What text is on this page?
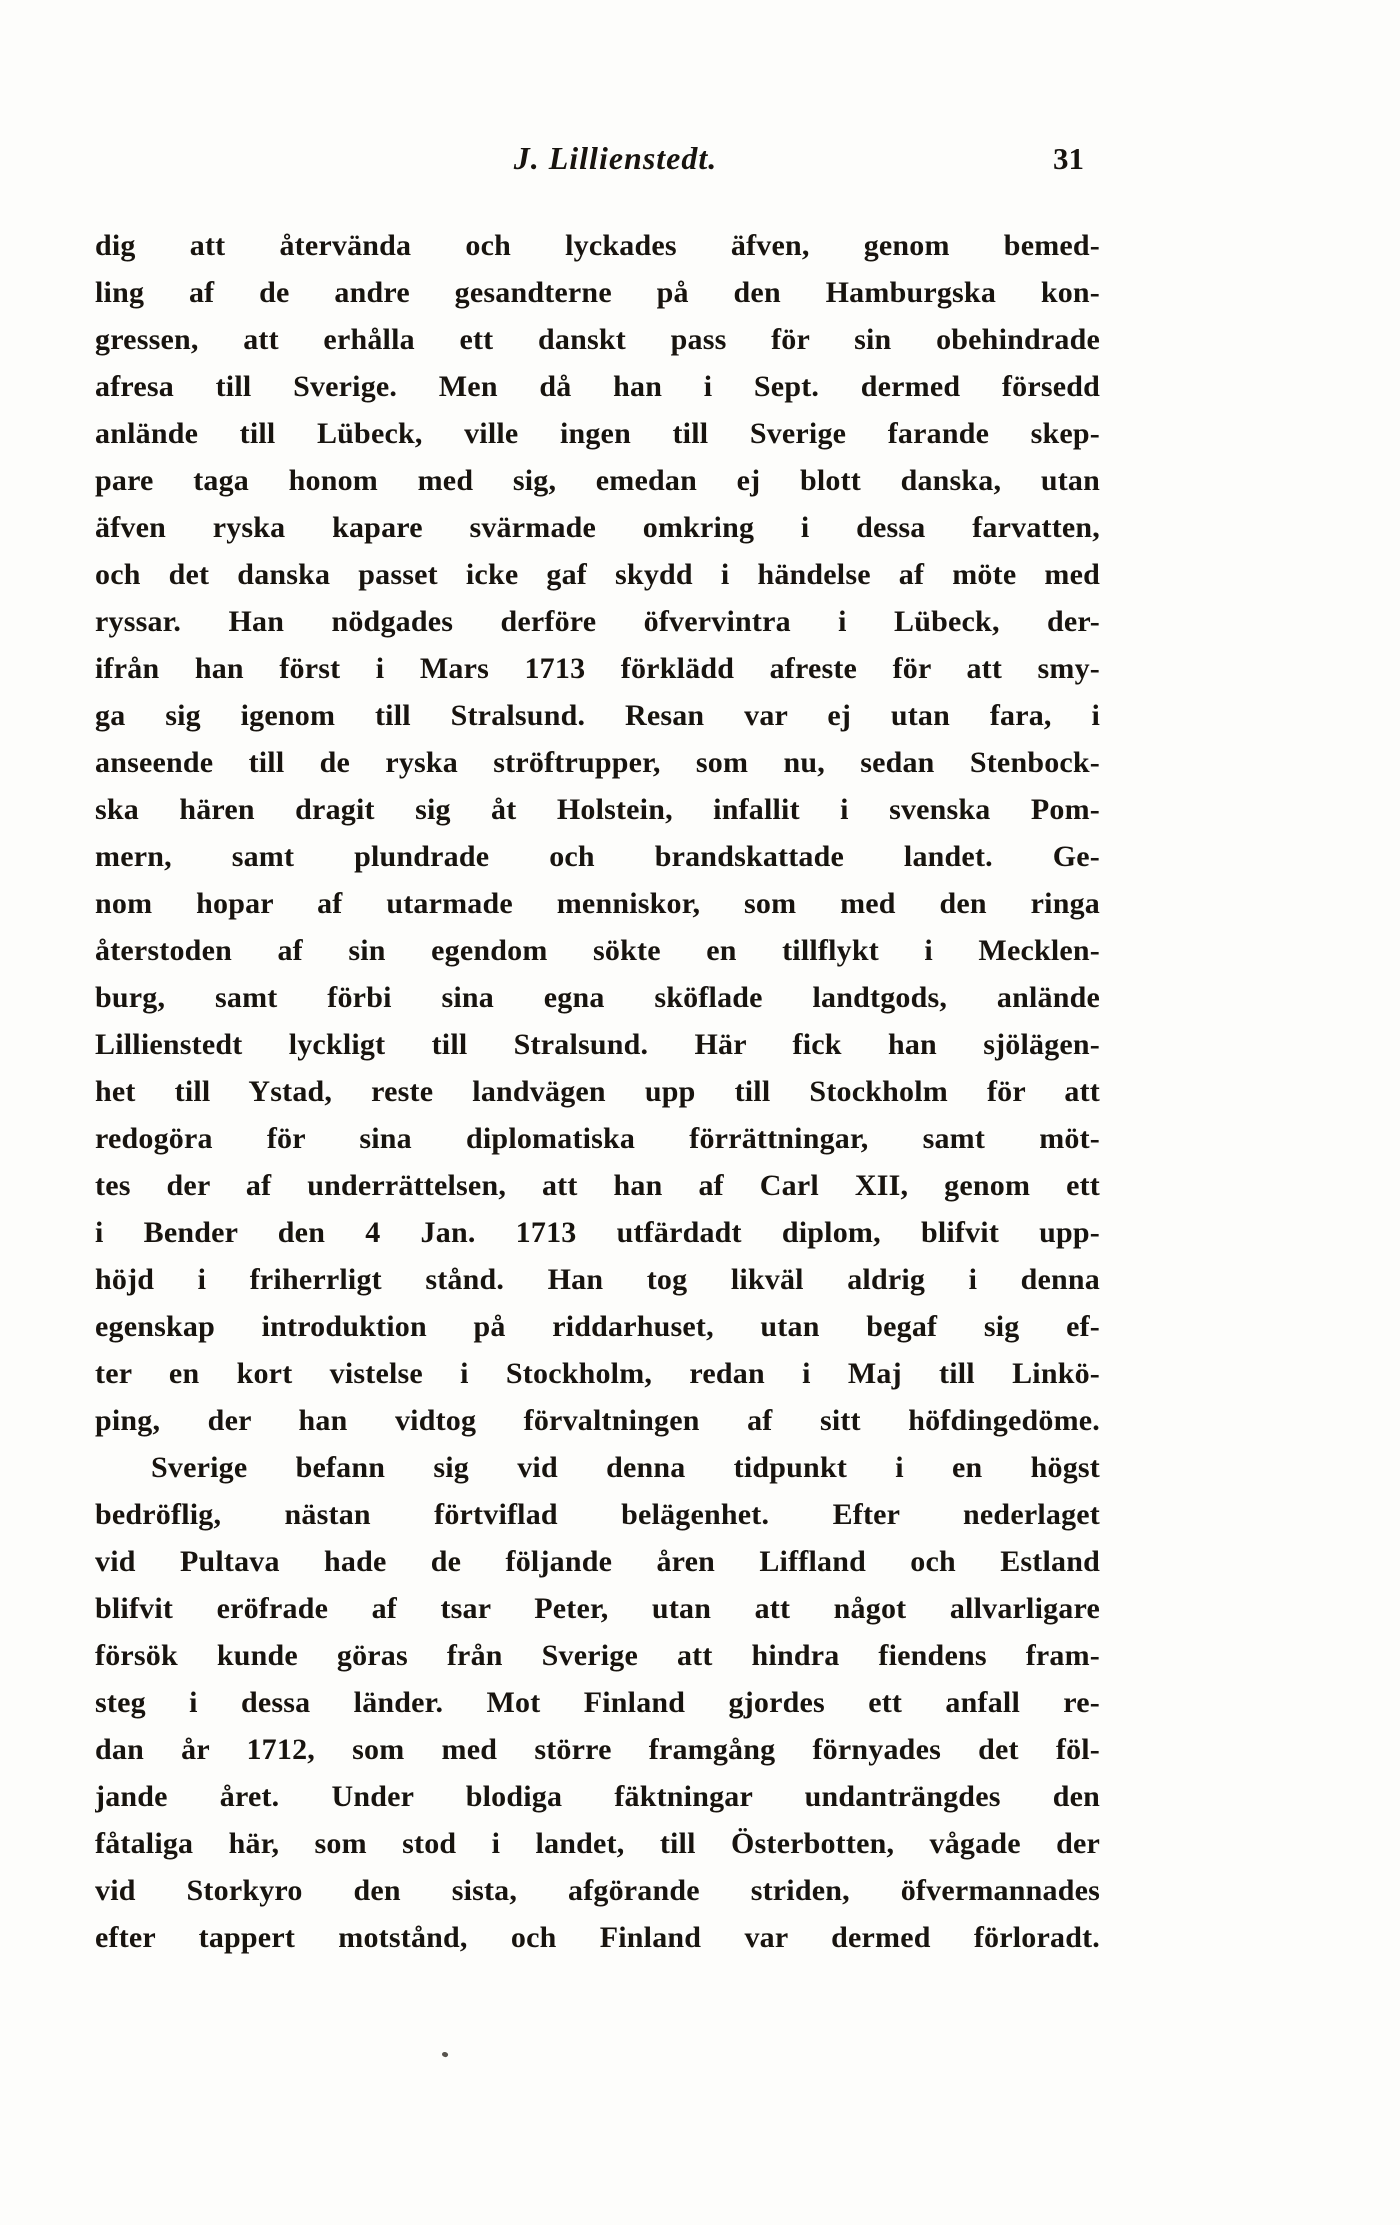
J. Lillienstedt.	31
dig att återvända och lyckades äfven, genom bemed-
ling af de andre gesandterne på den Hamburgska kon-
gressen, att erhålla ett danskt pass för sin obehindrade
afresa till Sverige. Men då han i Sept. dermed försedd
anlände till Lübeck, ville ingen till Sverige farande skep-
pare taga honom med sig, emedan ej blott danska, utan
äfven ryska kapare svärmade omkring i dessa farvatten,
och det danska passet icke gaf skydd i händelse af möte med
ryssar. Han nödgades derföre öfvervintra i Lübeck, der-
ifrån han först i Mars 1713 förklädd afreste för att smy-
ga sig igenom till Stralsund. Resan var ej utan fara, i
anseende till de ryska ströftrupper, som nu, sedan Stenbock-
ska hären dragit sig åt Holstein, infallit i svenska Pom-
mern, samt plundrade och brandskattade landet. Ge-
nom hopar af utarmade menniskor, som med den ringa
återstoden af sin egendom sökte en tillflykt i Mecklen-
burg, samt förbi sina egna sköflade landtgods, anlände
Lillienstedt lyckligt till Stralsund. Här fick han sjölägen-
het till Ystad, reste landvägen upp till Stockholm för att
redogöra för sina diplomatiska förrättningar, samt möt-
tes der af underrättelsen, att han af Carl XII, genom ett
i Bender den 4 Jan. 1713 utfärdadt diplom, blifvit upp-
höjd i friherrligt stånd. Han tog likväl aldrig i denna
egenskap introduktion på riddarhuset, utan begaf sig ef-
ter en kort vistelse i Stockholm, redan i Maj till Linkö-
ping, der han vidtog förvaltningen af sitt höfdingedöme.
Sverige befann sig vid denna tidpunkt i en högst
bedröflig, nästan förtviflad belägenhet. Efter nederlaget
vid Pultava hade de följande åren Liffland och Estland
blifvit eröfrade af tsar Peter, utan att något allvarligare
försök kunde göras från Sverige att hindra fiendens fram-
steg i dessa länder. Mot Finland gjordes ett anfall re-
dan år 1712, som med större framgång förnyades det föl-
jande året. Under blodiga fäktningar undanträngdes den
fåtaliga här, som stod i landet, till Österbotten, vågade der
vid Storkyro den sista, afgörande striden, öfvermannades
efter tappert motstånd, och Finland var dermed förloradt.
